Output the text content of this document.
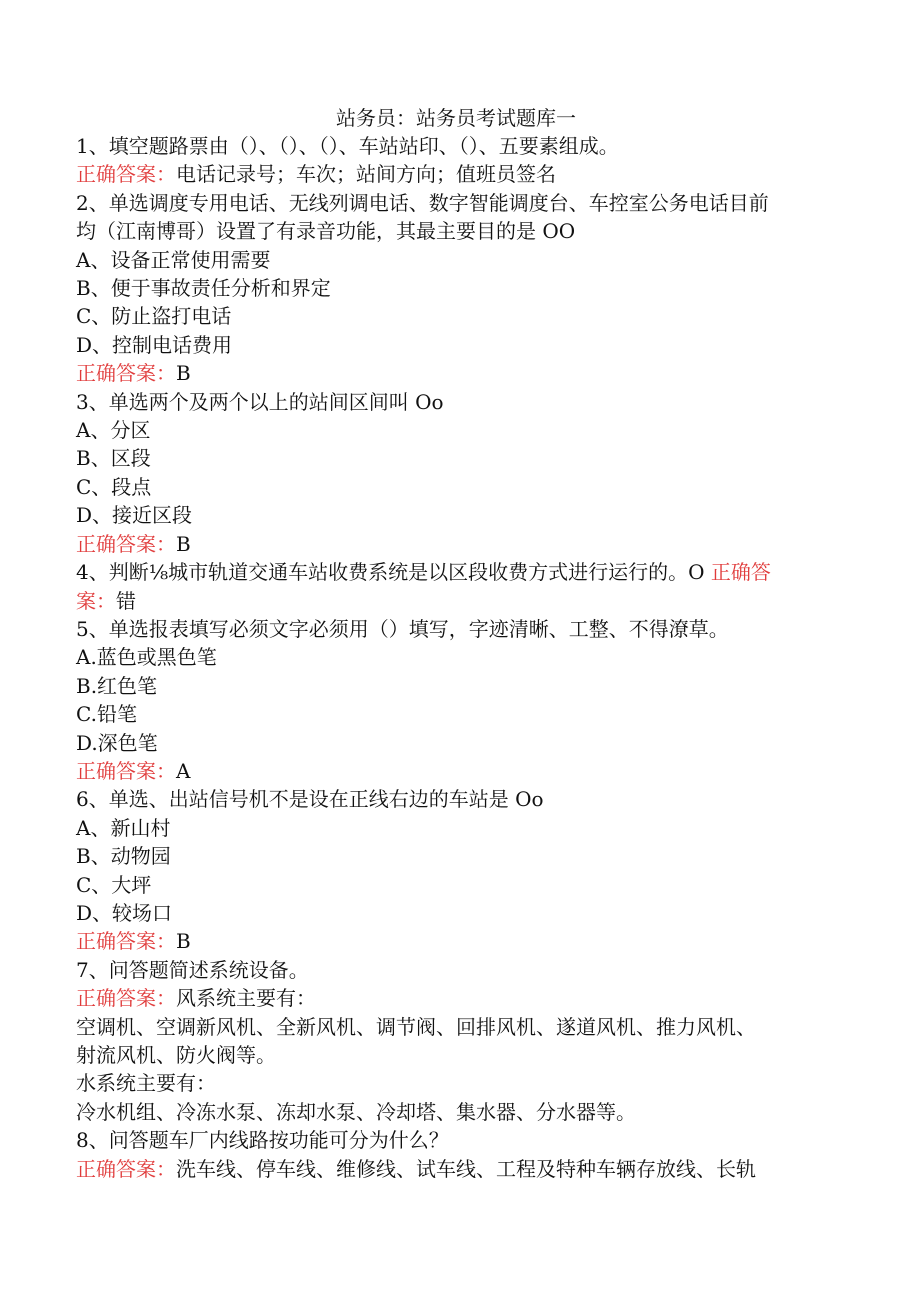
站务员：站务员考试题库一

1、填空题路票由（）、（）、（）、车站站印、（）、五要素组成。

正确答案：电话记录号；车次；站间方向；值班员签名

2、单选调度专用电话、无线列调电话、数字智能调度台、车控室公务电话目前

均（江南博哥）设置了有录音功能，其最主要目的是 OO

A、设备正常使用需要

B、便于事故责任分析和界定

C、防止盗打电话

D、控制电话费用

正确答案：B

3、单选两个及两个以上的站间区间叫 Oo

A、分区

B、区段

C、段点

D、接近区段

正确答案：B

4、判断⅛城市轨道交通车站收费系统是以区段收费方式进行运行的。O 正确答

案：错

5、单选报表填写必须文字必须用（）填写，字迹清晰、工整、不得潦草。

A.蓝色或黑色笔

B.红色笔

C.铅笔

D.深色笔

正确答案：A

6、单选、出站信号机不是设在正线右边的车站是 Oo

A、新山村

B、动物园

C、大坪

D、较场口

正确答案：B

7、问答题简述系统设备。

正确答案：风系统主要有：

空调机、空调新风机、全新风机、调节阀、回排风机、遂道风机、推力风机、

射流风机、防火阀等。

水系统主要有：

冷水机组、冷冻水泵、冻却水泵、冷却塔、集水器、分水器等。

8、问答题车厂内线路按功能可分为什么？

正确答案：洗车线、停车线、维修线、试车线、工程及特种车辆存放线、长轨
